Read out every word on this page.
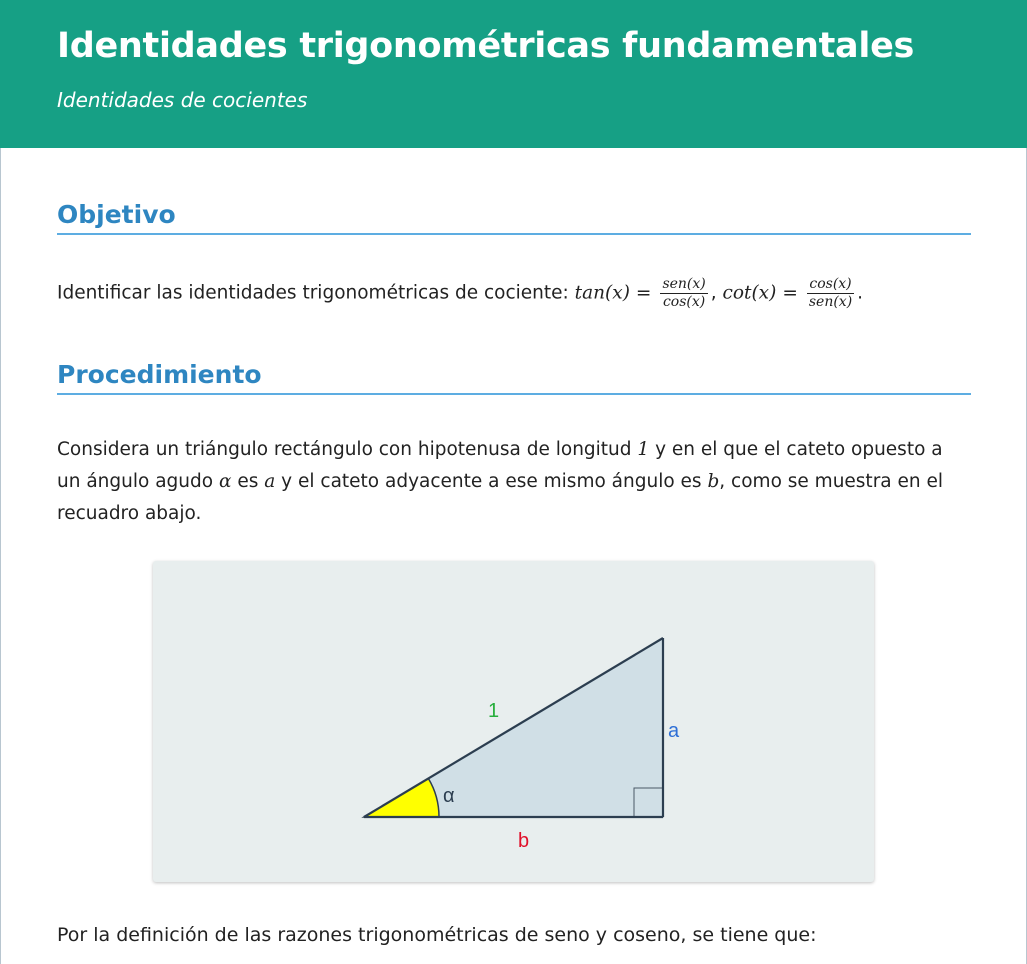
Identidades trigonométricas fundamentales

Identidades de cocientes

Objetivo

Identificar las identidades trigonométricas de cociente: $\tan(x) = \frac{\text{sen(x)}}{\cos(x)}$ , $\cot(x) = \frac{\cos(x)}{\text{sen(x)}}$ .

Procedimiento

Considera un triángulo rectángulo con hipotenusa de longitud 1 y en el que el cateto opuesto a un ángulo agudo α es a y el cateto adyacente a ese mismo ángulo es b, como se muestra en el recuadro abajo.

1
a
b
α

Por la definición de las razones trigonométricas de seno y coseno, se tiene que:
